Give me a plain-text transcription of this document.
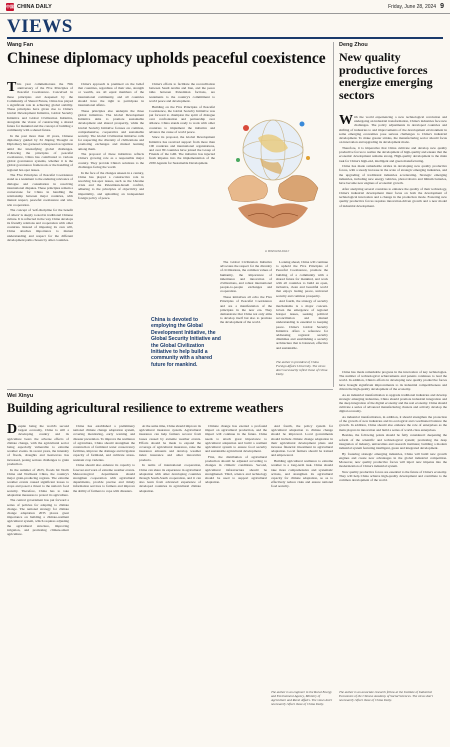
中国 CHINA DAILY	Friday, June 28, 2024 9
VIEWS
Wang Fan
Chinese diplomacy upholds peaceful coexistence
T his year commemorates the 70th anniversary of the Five Principles of Peaceful Coexistence. Conceived in these principles and deepened by the Community of Shared Future, China has played a significant role in achieving global stability. These principles have given rise to China's Global Development Initiative, Global Security Initiative and Global Civilization Initiative, alongside the vision of constructing a shared future for mankind and the concept of building a community with a shared future.

In the past more than 10 years, Chinese diplomacy guided by Xi Jinping Thought on Diplomacy has garnered widespread recognition amid the intensifying global challenges. Following the principles of peaceful coexistence, China has contributed to various global governance systems, whether it is the global governance framework or the handling of regional hot-spot issues.

The Five Principles of Peaceful Coexistence stand as a testament to the enduring relevance of dialogue and consultation in resolving international disputes. These principles remain a cornerstone for China in handling the relationship between major countries, with mutual respect, peaceful coexistence and win-win cooperation.

The concept of 'self-discipline for the benefit of others' is deeply rooted in traditional Chinese culture. It is reflected in the way China develops its friendly relations and cooperation with other countries. Instead of imposing its own will, China attaches importance to mutual understanding and respect for the different development paths chosen by other countries.

China's approach is premised on the belief that countries, regardless of their size, strength or wealth, are all equal members of the international community, and all countries should have the right to participate in international affairs.

These principles also underpin the three global initiatives. The Global Development Initiative aims to promote sustainable development and shared prosperity, while the Global Security Initiative focuses on common, comprehensive, cooperative and sustainable security. The Global Civilization Initiative calls for respecting the diversity of civilizations and promoting exchanges and mutual learning among them.

The proposal of these initiatives reflects China's growing role as a responsible major country. They provide China's solutions to the challenges facing the world.

In the face of the changes unseen in a century, China has played a constructive role in resolving hot-spot issues, such as the Ukraine crisis and the Palestinian-Israeli conflict, adhering to the principles of objectivity and impartiality, and upholding an independent foreign policy of peace.

China's efforts to facilitate the reconciliation between Saudi Arabia and Iran, and the peace talks between Palestinian factions, are testaments to the country's commitment to world peace and development.

Building on the Five Principles of Peaceful Coexistence, the Global Security Initiative was put forward to champion the spirit of dialogue over confrontation and partnership over alliance. China stands ready to work with other countries to implement the initiative and advance the cause of world peace.

Since its proposal, the Global Development Initiative has received support from more than 100 countries and international organizations, and over 80 countries have joined the Group of Friends of the GDI. The initiative has injected fresh impetus into the implementation of the 2030 Agenda for Sustainable Development.

LI MIN/CHINA DAILY
China is devoted to employing the Global Development Initiative, the Global Security Initiative and the Global Civilization Initiative to help build a community with a shared future for mankind.

The Global Civilization Initiative advocates the respect for the diversity of civilizations, the common values of humanity, the importance of inheritance and innovation of civilizations, and robust international people-to-people exchanges and cooperation.

These initiatives all echo the Five Principles of Peaceful Coexistence and are a manifestation of the principles in the new era. They demonstrate that China not only aims to develop itself but also to promote the development of the world.

Looking ahead, China will continue to uphold the Five Principles of Peaceful Coexistence, promote the building of a community with a shared future for mankind, and work with all countries to build an open, inclusive, clean and beautiful world that enjoys lasting peace, universal security and common prosperity.

And fourth, the strategy of security mechanisms is a major concern. Given the emergence of regional hotspot issues, seeking political reconciliation and mutual understanding is essential to keeping peace. China's Global Security Initiative offers a reference for addressing regional security dilemmas and establishing a security architecture that is balanced, effective and sustainable.

The author is president of China Foreign Affairs University. The views don't necessarily reflect those of China Daily.
Deng Zhou
New quality productive forces energize emerging sectors
W ith the world experiencing a new technological revolution and undergoing an industrial transformation, China's industries face new challenges. The policy adjustments in developed countries and shifting of industries to and improvements of the development environment in some emerging economies pose serious challenges to China's industrial development. To make greater strides, the manufacturing sector should focus on innovation and upgrading its development mode.

Therefore, it is imperative that China cultivate and develop new quality productive forces to realize the development of high-quality and ensure that the economic development remains strong. High-quality development is the main task for China's high-end, intelligent and green manufacturing.

China has made remarkable strides in developing new quality productive forces, with a steady increase in the scale of strategic emerging industries, and the upgrading of traditional industries accelerating. Strategic emerging industries, including new energy vehicles, photovoltaics and lithium batteries, have become new engines of economic growth.

After analyzing several countries to enhance the quality of their technology, China's industrial development must focus on both the development of technological innovation and a change in the production mode. Fostering new quality productive forces requires innovation-driven growth and a new model of industrial development.

Wei Xinyu
Building agricultural resilience to extreme weathers
D espite being the world's second largest economy, China is still a developing country and its agriculture bears the adverse effects of climate change, with the agricultural sector being especially vulnerable to extreme weather events. In recent years, the intensity of floods, droughts and heatwaves has increased, posing serious challenges to grain production.

In the summer of 2023, floods hit North China and Northeast China, the country's major grain-producing regions. The extreme weather events caused significant losses to crops and posed a threat to the nation's food security. Therefore, China has to take adaptation measures to protect its agriculture.

The central government has put forward a series of policies for adapting to climate change. The national strategy for climate change adaptation 2035 places great importance on building a climate-resilient agricultural system, which requires adjusting the agricultural structure, improving irrigation, and promoting climate-smart agriculture.

China has established a preliminary national climate change adaptation system, covering monitoring, early warning and disaster prevention. To improve the resilience of agriculture, China should strengthen the construction of farmland water conservancy facilities, improve the drainage and irrigation capacity of farmland, and cultivate stress-resistant crop varieties.

China should also enhance its capacity to forecast and warn of extreme weather events. Meteorological departments should strengthen cooperation with agricultural departments, provide precise and timely information services to farmers and improve the ability of farmers to cope with disasters.

At the same time, China should improve its agricultural insurance system. Agricultural insurance can help farmers recover from losses caused by extreme weather events. Efforts should be made to expand the coverage of agricultural insurance, raise the insurance amounts and develop weather index insurance and other innovative products.

In terms of international cooperation, China can share its experience in agricultural adaptation with other developing countries through South-South cooperation, and it can also learn from advanced experience of developed countries in agricultural climate adaptation.

Climate change has exerted a profound impact on agricultural production, and the impact will continue in the future. China needs to attach great importance to agricultural adaptation and build a resilient agricultural system to ensure food security and sustainable agricultural development.

First, the distribution of agricultural production should be adjusted according to changes in climatic conditions. Second, agricultural infrastructure should be strengthened. Third, science and technology should be used to support agricultural adaptation.

And fourth, the policy system for agricultural adaptation to climate change should be improved. Local governments should include climate change adaptation in their agricultural development plans and increase financial investment in agricultural adaptation. Local farmers should be trained and empowered.

Building agricultural resilience to extreme weather is a long-term task. China should take more comprehensive and systematic actions, and strengthen its agricultural capacity for climate adaptation, so as to effectively reduce risks and ensure national food security.

The author is an engineer in the Rural Energy and Environment Agency, Ministry of Agriculture and Rural Affairs. The views don't necessarily reflect those of China Daily.

China has made remarkable progress in the innovation of key technologies. The number of technological achievements and patents continues to lead the world. In addition, China's efforts in developing new quality productive forces have brought significant improvements to its industrial competitiveness and driven the high-quality development of the economy.

As an industrial transformation to upgrade traditional industries and develop strategic emerging industries, China should promote industrial integration and the deep integration of the digital economy and the real economy. China should cultivate a series of advanced manufacturing clusters and actively develop the digital economy.

As industrial transformation, in addition, it should strengthen the protection of the growth of new industries and its ecological and coordinated balance the growth. In addition, China should also enhance the role of enterprises as the main players in innovation and build a series of world-class enterprises.

Besides, the following points should be fully considered: deepening the reform of the scientific and technological system; promoting the deep integration of industry, universities and research institutes; building a modern industrial system featuring intelligent, green and integrated development.

By fostering strategic emerging industries, China will build new growth engines and create new advantages in the global industrial competition. Moreover, new quality productive forces will inject new impetus into the modernization of China's industrial system.

New quality productive forces are essential to the future of China's economy. They will help China achieve high-quality development and contribute to the common development of the world.

The author is an associate research fellow at the Institute of Industrial Economics of the Chinese Academy of Social Sciences. The views don't necessarily reflect those of China Daily.
